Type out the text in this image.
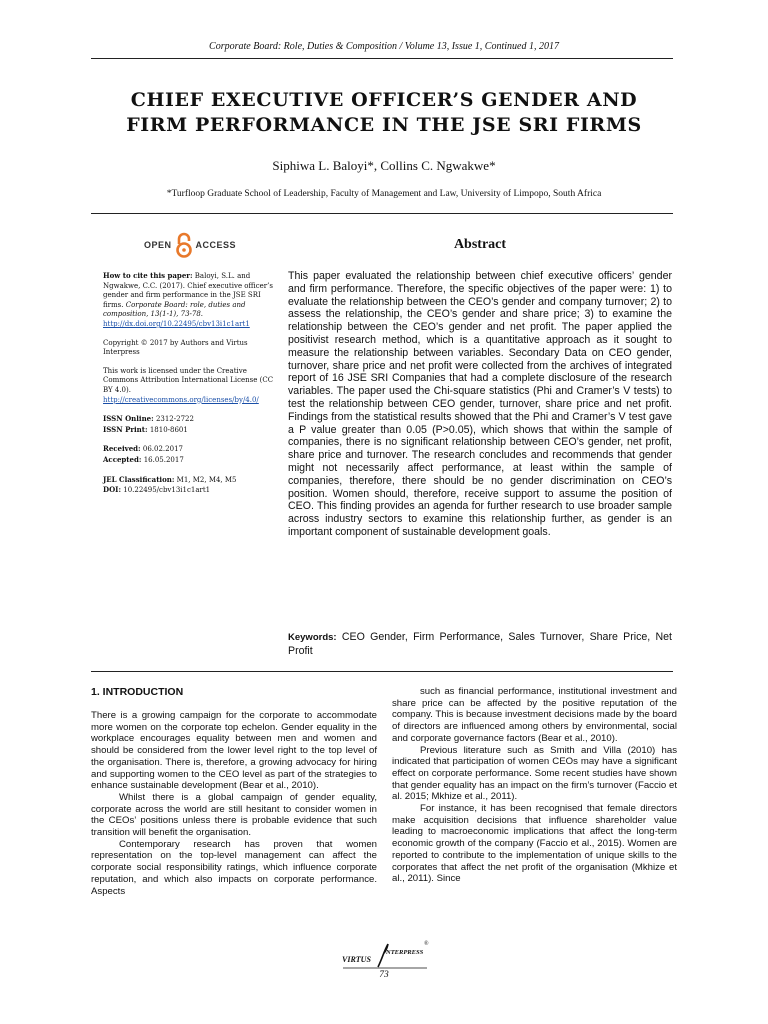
Corporate Board: Role, Duties & Composition / Volume 13, Issue 1, Continued 1, 2017
CHIEF EXECUTIVE OFFICER’S GENDER AND
FIRM PERFORMANCE IN THE JSE SRI FIRMS
Siphiwa L. Baloyi*, Collins C. Ngwakwe*
*Turfloop Graduate School of Leadership, Faculty of Management and Law, University of Limpopo, South Africa
OPEN	ACCESS	Abstract

How to cite this paper: Baloyi, S.L. and Ngwakwe, C.C. (2017). Chief executive officer’s gender and firm performance in the JSE SRI firms. Corporate Board: role, duties and composition, 13(1-1), 73-78.
http://dx.doi.org/10.22495/cbv13i1c1art1

Copyright © 2017 by Authors and Virtus Interpress

This work is licensed under the Creative Commons Attribution International License (CC BY 4.0).
http://creativecommons.org/licenses/by/4.0/

ISSN Online: 2312-2722

ISSN Print: 1810-8601

Received: 06.02.2017

Accepted: 16.05.2017

JEL Classification: M1, M2, M4, M5

DOI: 10.22495/cbv13i1c1art1

This paper evaluated the relationship between chief executive officers’ gender and firm performance. Therefore, the specific objectives of the paper were: 1) to evaluate the relationship between the CEO’s gender and company turnover; 2) to assess the relationship, the CEO’s gender and share price; 3) to examine the relationship between the CEO’s gender and net profit. The paper applied the positivist research method, which is a quantitative approach as it sought to measure the relationship between variables. Secondary Data on CEO gender, turnover, share price and net profit were collected from the archives of integrated report of 16 JSE SRI Companies that had a complete disclosure of the research variables. The paper used the Chi-square statistics (Phi and Cramer’s V tests) to test the relationship between CEO gender, turnover, share price and net profit. Findings from the statistical results showed that the Phi and Cramer’s V test gave a P value greater than 0.05 (P>0.05), which shows that within the sample of companies, there is no significant relationship between CEO’s gender, net profit, share price and turnover. The research concludes and recommends that gender might not necessarily affect performance, at least within the sample of companies, therefore, there should be no gender discrimination on CEO’s position. Women should, therefore, receive support to assume the position of CEO. This finding provides an agenda for further research to use broader sample across industry sectors to examine this relationship further, as gender is an important component of sustainable development goals.
Keywords: CEO Gender, Firm Performance, Sales Turnover, Share Price, Net Profit
1. INTRODUCTION

There is a growing campaign for the corporate to accommodate more women on the corporate top echelon. Gender equality in the workplace encourages equality between men and women and should be considered from the lower level right to the top level of the organisation. There is, therefore, a growing advocacy for hiring and supporting women to the CEO level as part of the strategies to enhance sustainable development (Bear et al., 2010).

Whilst there is a global campaign of gender equality, corporate across the world are still hesitant to consider women in the CEOs’ positions unless there is probable evidence that such transition will benefit the organisation.

Contemporary research has proven that women representation on the top-level management can affect the corporate social responsibility ratings, which influence corporate reputation, and which also impacts on corporate performance. Aspects

such as financial performance, institutional investment and share price can be affected by the positive reputation of the company. This is because investment decisions made by the board of directors are influenced among others by environmental, social and corporate governance factors (Bear et al., 2010).

Previous literature such as Smith and Villa (2010) has indicated that participation of women CEOs may have a significant effect on corporate performance. Some recent studies have shown that gender equality has an impact on the firm’s turnover (Faccio et al. 2015; Mkhize et al., 2011).

For instance, it has been recognised that female directors make acquisition decisions that influence shareholder value leading to macroeconomic implications that affect the long-term economic growth of the company (Faccio et al., 2015). Women are reported to contribute to the implementation of unique skills to the corporates that affect the net profit of the organisation (Mkhize et al., 2011). Since

VIRTUS
NTERPRESS
®
73
